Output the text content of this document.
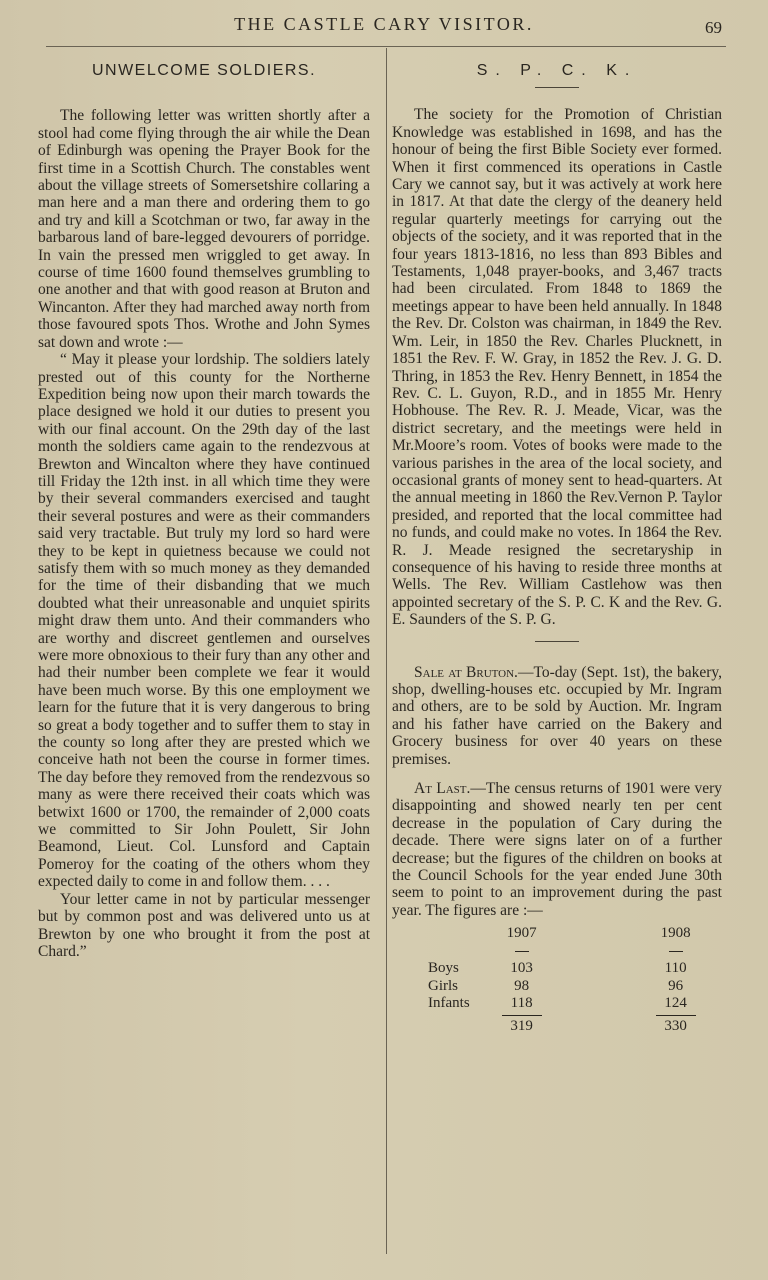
THE CASTLE CARY VISITOR.	69
UNWELCOME SOLDIERS.

The following letter was written shortly after a stool had come flying through the air while the Dean of Edinburgh was opening the Prayer Book for the first time in a Scottish Church. The constables went about the village streets of Somersetshire collaring a man here and a man there and ordering them to go and try and kill a Scotchman or two, far away in the barbarous land of bare-legged devourers of porridge. In vain the pressed men wriggled to get away. In course of time 1600 found themselves grumbling to one another and that with good reason at Bruton and Wincanton. After they had marched away north from those favoured spots Thos. Wrothe and John Symes sat down and wrote :—

“ May it please your lordship. The soldiers lately prested out of this county for the Northerne Expedition being now upon their march towards the place designed we hold it our duties to present you with our final account. On the 29th day of the last month the soldiers came again to the rendezvous at Brewton and Wincalton where they have continued till Friday the 12th inst. in all which time they were by their several commanders exercised and taught their several postures and were as their commanders said very tractable. But truly my lord so hard were they to be kept in quietness because we could not satisfy them with so much money as they demanded for the time of their disbanding that we much doubted what their unreasonable and unquiet spirits might draw them unto. And their commanders who are worthy and discreet gentlemen and ourselves were more obnoxious to their fury than any other and had their number been complete we fear it would have been much worse. By this one employment we learn for the future that it is very dangerous to bring so great a body together and to suffer them to stay in the county so long after they are prested which we conceive hath not been the course in former times. The day before they removed from the rendezvous so many as were there received their coats which was betwixt 1600 or 1700, the remainder of 2,000 coats we committed to Sir John Poulett, Sir John Beamond, Lieut. Col. Lunsford and Captain Pomeroy for the coating of the others whom they expected daily to come in and follow them. . . .

Your letter came in not by particular messenger but by common post and was delivered unto us at Brewton by one who brought it from the post at Chard.”

S. P. C. K.

The society for the Promotion of Christian Knowledge was established in 1698, and has the honour of being the first Bible Society ever formed. When it first commenced its operations in Castle Cary we cannot say, but it was actively at work here in 1817. At that date the clergy of the deanery held regular quarterly meetings for carrying out the objects of the society, and it was reported that in the four years 1813-1816, no less than 893 Bibles and Testaments, 1,048 prayer-books, and 3,467 tracts had been circulated. From 1848 to 1869 the meetings appear to have been held annually. In 1848 the Rev. Dr. Colston was chairman, in 1849 the Rev. Wm. Leir, in 1850 the Rev. Charles Plucknett, in 1851 the Rev. F. W. Gray, in 1852 the Rev. J. G. D. Thring, in 1853 the Rev. Henry Bennett, in 1854 the Rev. C. L. Guyon, R.D., and in 1855 Mr. Henry Hobhouse. The Rev. R. J. Meade, Vicar, was the district secretary, and the meetings were held in Mr.Moore’s room. Votes of books were made to the various parishes in the area of the local society, and occasional grants of money sent to head-quarters. At the annual meeting in 1860 the Rev.Vernon P. Taylor presided, and reported that the local committee had no funds, and could make no votes. In 1864 the Rev. R. J. Meade resigned the secretaryship in consequence of his having to reside three months at Wells. The Rev. William Castlehow was then appointed secretary of the S. P. C. K and the Rev. G. E. Saunders of the S. P. G.

Sale at Bruton.—To-day (Sept. 1st), the bakery, shop, dwelling-houses etc. occupied by Mr. Ingram and others, are to be sold by Auction. Mr. Ingram and his father have carried on the Bakery and Grocery business for over 40 years on these premises.

At Last.—The census returns of 1901 were very disappointing and showed nearly ten per cent decrease in the population of Cary during the decade. There were signs later on of a further decrease; but the figures of the children on books at the Council Schools for the year ended June 30th seem to point to an improvement during the past year. The figures are :—

	1907		1908

Boys	103		110
Girls	98		96
Infants	118		124

319		330
